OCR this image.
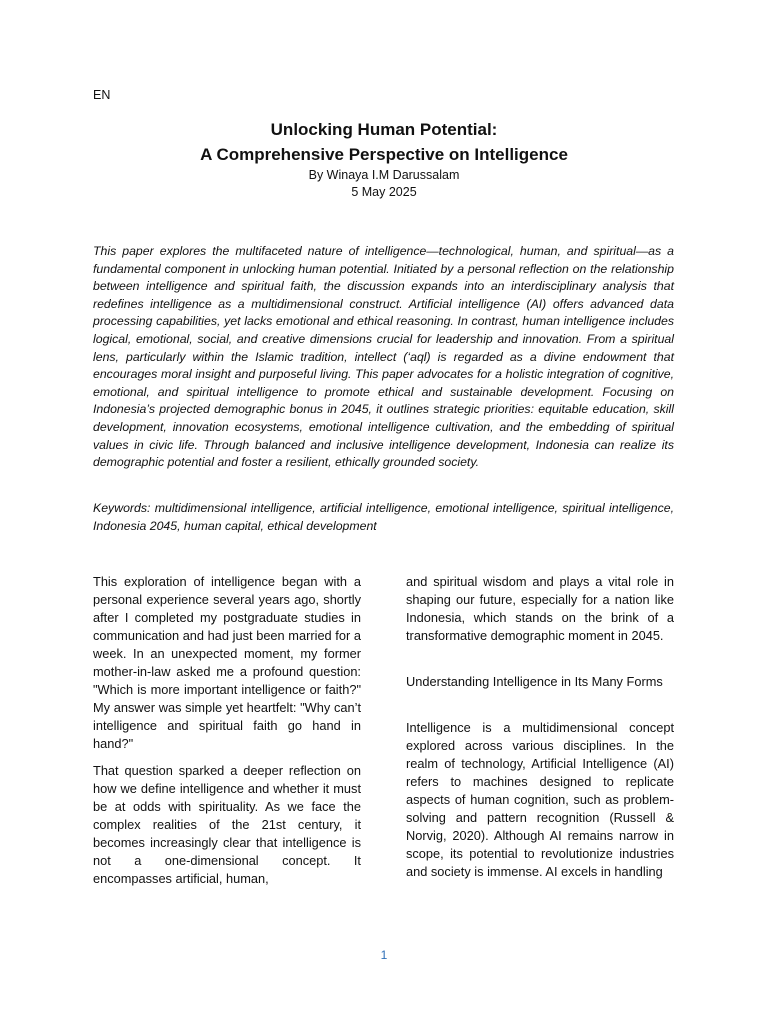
EN
Unlocking Human Potential:
A Comprehensive Perspective on Intelligence
By Winaya I.M Darussalam
5 May 2025

This paper explores the multifaceted nature of intelligence—technological, human, and spiritual—as a fundamental component in unlocking human potential. Initiated by a personal reflection on the relationship between intelligence and spiritual faith, the discussion expands into an interdisciplinary analysis that redefines intelligence as a multidimensional construct. Artificial intelligence (AI) offers advanced data processing capabilities, yet lacks emotional and ethical reasoning. In contrast, human intelligence includes logical, emotional, social, and creative dimensions crucial for leadership and innovation. From a spiritual lens, particularly within the Islamic tradition, intellect (‘aql) is regarded as a divine endowment that encourages moral insight and purposeful living. This paper advocates for a holistic integration of cognitive, emotional, and spiritual intelligence to promote ethical and sustainable development. Focusing on Indonesia’s projected demographic bonus in 2045, it outlines strategic priorities: equitable education, skill development, innovation ecosystems, emotional intelligence cultivation, and the embedding of spiritual values in civic life. Through balanced and inclusive intelligence development, Indonesia can realize its demographic potential and foster a resilient, ethically grounded society.

Keywords: multidimensional intelligence, artificial intelligence, emotional intelligence, spiritual intelligence, Indonesia 2045, human capital, ethical development

This exploration of intelligence began with a personal experience several years ago, shortly after I completed my postgraduate studies in communication and had just been married for a week. In an unexpected moment, my former mother-in-law asked me a profound question: "Which is more important intelligence or faith?" My answer was simple yet heartfelt: "Why can’t intelligence and spiritual faith go hand in hand?"

That question sparked a deeper reflection on how we define intelligence and whether it must be at odds with spirituality. As we face the complex realities of the 21st century, it becomes increasingly clear that intelligence is not a one-dimensional concept. It encompasses artificial, human,

and spiritual wisdom and plays a vital role in shaping our future, especially for a nation like Indonesia, which stands on the brink of a transformative demographic moment in 2045.

Understanding Intelligence in Its Many Forms

Intelligence is a multidimensional concept explored across various disciplines. In the realm of technology, Artificial Intelligence (AI) refers to machines designed to replicate aspects of human cognition, such as problem-solving and pattern recognition (Russell & Norvig, 2020). Although AI remains narrow in scope, its potential to revolutionize industries and society is immense. AI excels in handling

1
